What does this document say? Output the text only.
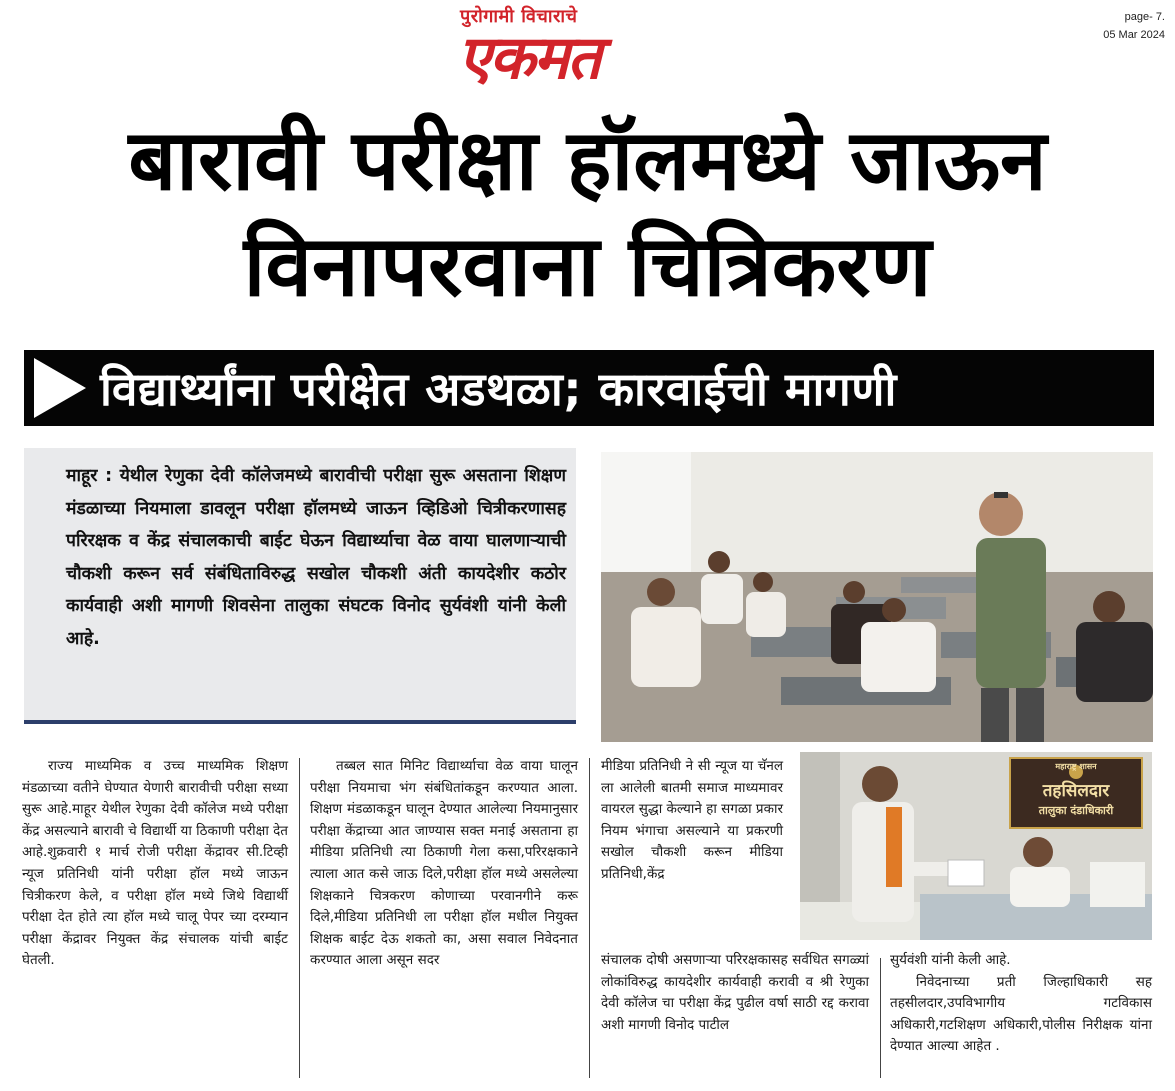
पुरोगामी विचाराचे
एकमत
page- 7.
05 Mar 2024
बारावी परीक्षा हॉलमध्ये जाऊन
विनापरवाना चित्रिकरण
विद्यार्थ्यांना परीक्षेत अडथळा; कारवाईची मागणी

माहूर : येथील रेणुका देवी कॉलेजमध्ये बारावीची परीक्षा सुरू असताना शिक्षण मंडळाच्या नियमाला डावलून परीक्षा हॉलमध्ये जाऊन व्हिडिओ चित्रीकरणासह परिरक्षक व केंद्र संचालकाची बाईट घेऊन विद्यार्थ्याचा वेळ वाया घालणाऱ्याची चौकशी करून सर्व संबंधिताविरुद्ध सखोल चौकशी अंती कायदेशीर कठोर कार्यवाही अशी मागणी शिवसेना तालुका संघटक विनोद सुर्यवंशी यांनी केली आहे.

महाराष्ट्र शासन
तहसिलदार
तालुका दंडाधिकारी

राज्य माध्यमिक व उच्च माध्यमिक शिक्षण मंडळाच्या वतीने घेण्यात येणारी बारावीची परीक्षा सध्या सुरू आहे.माहूर येथील रेणुका देवी कॉलेज मध्ये परीक्षा केंद्र असल्याने बारावी चे विद्यार्थी या ठिकाणी परीक्षा देत आहे.शुक्रवारी १ मार्च रोजी परीक्षा केंद्रावर सी.टिव्ही न्यूज प्रतिनिधी यांनी परीक्षा हॉल मध्ये जाऊन चित्रीकरण केले, व परीक्षा हॉल मध्ये जिथे विद्यार्थी परीक्षा देत होते त्या हॉल मध्ये चालू पेपर च्या दरम्यान परीक्षा केंद्रावर नियुक्त केंद्र संचालक यांची बाईट घेतली.

तब्बल सात मिनिट विद्यार्थ्याचा वेळ वाया घालून परीक्षा नियमाचा भंग संबंधितांकडून करण्यात आला. शिक्षण मंडळाकडून घालून देण्यात आलेल्या नियमानुसार परीक्षा केंद्राच्या आत जाण्यास सक्त मनाई असताना हा मीडिया प्रतिनिधी त्या ठिकाणी गेला कसा,परिरक्षकाने त्याला आत कसे जाऊ दिले,परीक्षा हॉल मध्ये असलेल्या शिक्षकाने चित्रकरण कोणाच्या परवानगीने करू दिले,मीडिया प्रतिनिधी ला परीक्षा हॉल मधील नियुक्त शिक्षक बाईट देऊ शकतो का, असा सवाल निवेदनात करण्यात आला असून सदर

मीडिया प्रतिनिधी ने सी न्यूज या चॅनल ला आलेली बातमी समाज माध्यमावर वायरल सुद्धा केल्याने हा सगळा प्रकार नियम भंगाचा असल्याने या प्रकरणी सखोल चौकशी करून मीडिया प्रतिनिधी,केंद्र

संचालक दोषी असणाऱ्या परिरक्षकासह सर्वधित सगळ्यां लोकांविरुद्ध कायदेशीर कार्यवाही करावी व श्री रेणुका देवी कॉलेज चा परीक्षा केंद्र पुढील वर्षा साठी रद्द करावा अशी मागणी विनोद पाटील

सुर्यवंशी यांनी केली आहे.

निवेदनाच्या प्रती जिल्हाधिकारी सह तहसीलदार,उपविभागीय गटविकास अधिकारी,गटशिक्षण अधिकारी,पोलीस निरीक्षक यांना देण्यात आल्या आहेत .
